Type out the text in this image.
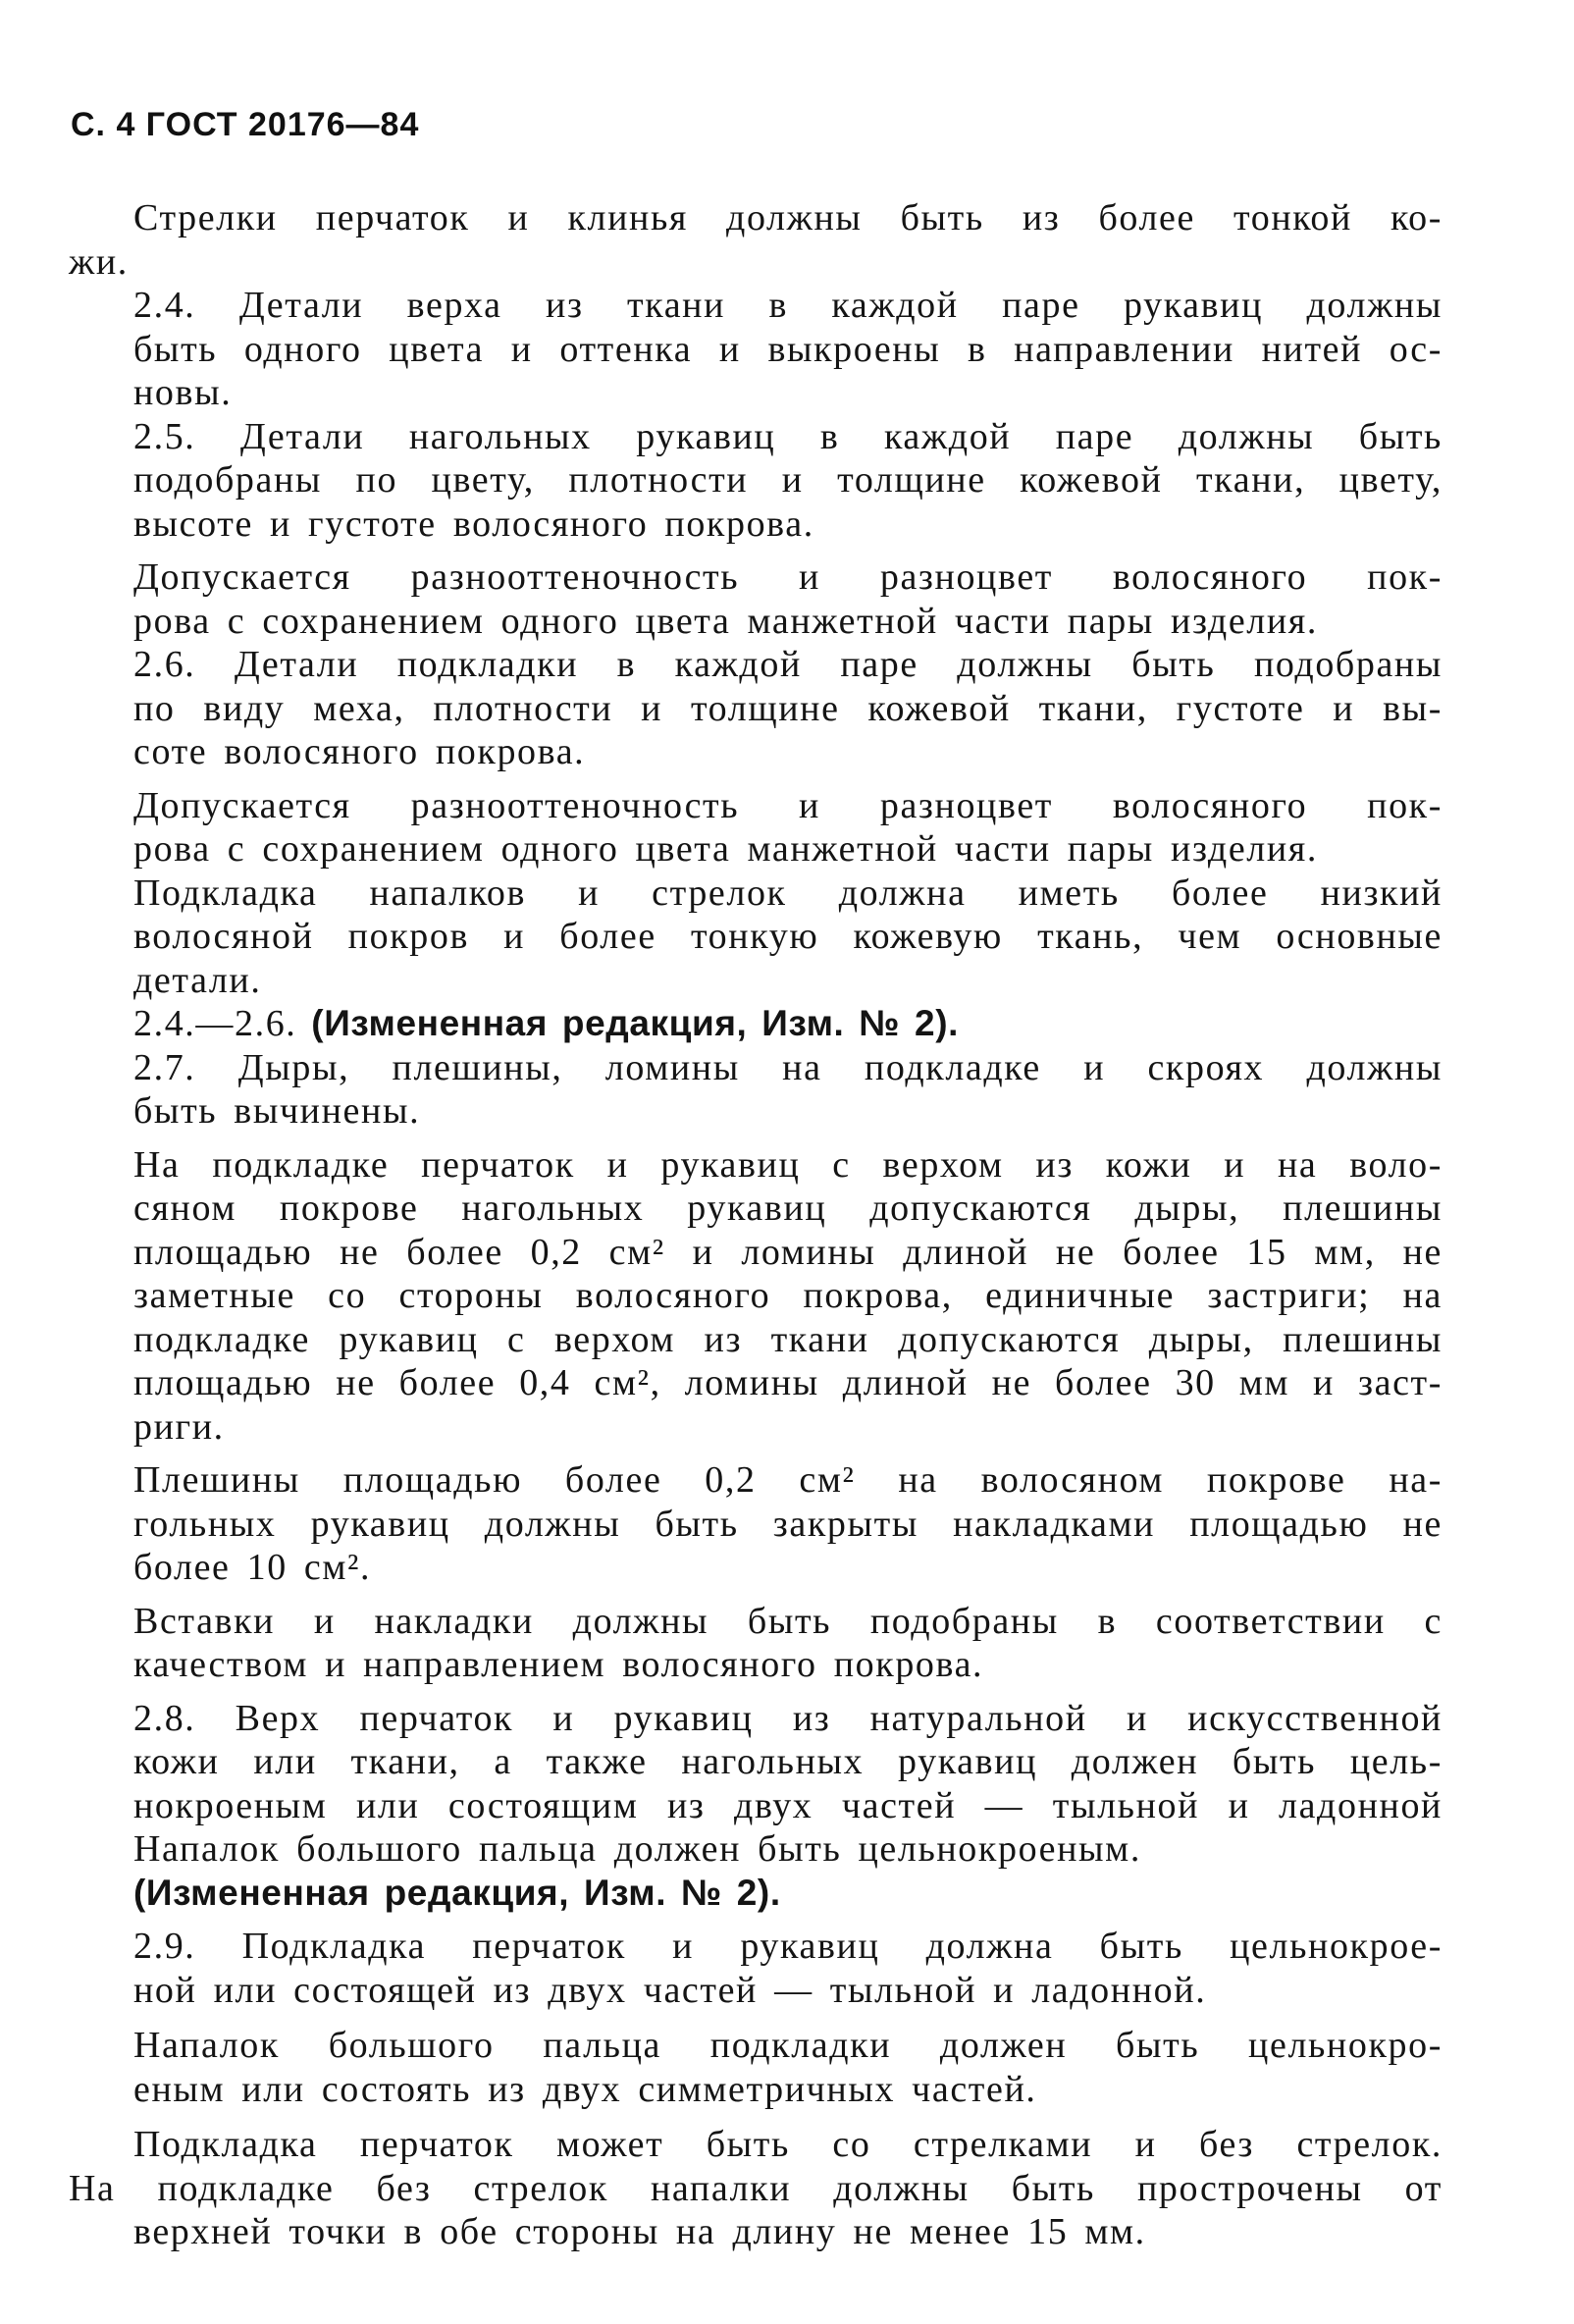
С. 4 ГОСТ 20176—84
Стрелки перчаток и клинья должны быть из более тонкой ко-
жи.
2.4. Детали верха из ткани в каждой паре рукавиц должны
быть одного цвета и оттенка и выкроены в направлении нитей ос-
новы.
2.5. Детали нагольных рукавиц в каждой паре должны быть
подобраны по цвету, плотности и толщине кожевой ткани, цвету,
высоте и густоте волосяного покрова.
Допускается разнооттеночность и разноцвет волосяного пок-
рова с сохранением одного цвета манжетной части пары изделия.
2.6. Детали подкладки в каждой паре должны быть подобраны
по виду меха, плотности и толщине кожевой ткани, густоте и вы-
соте волосяного покрова.
Допускается разнооттеночность и разноцвет волосяного пок-
рова с сохранением одного цвета манжетной части пары изделия.
Подкладка напалков и стрелок должна иметь более низкий
волосяной покров и более тонкую кожевую ткань, чем основные
детали.
2.4.—2.6. (Измененная редакция, Изм. № 2).
2.7. Дыры, плешины, ломины на подкладке и скроях должны
быть вычинены.
На подкладке перчаток и рукавиц с верхом из кожи и на воло-
сяном покрове нагольных рукавиц допускаются дыры, плешины
площадью не более 0,2 см² и ломины длиной не более 15 мм, не
заметные со стороны волосяного покрова, единичные застриги; на
подкладке рукавиц с верхом из ткани допускаются дыры, плешины
площадью не более 0,4 см², ломины длиной не более 30 мм и заст-
риги.
Плешины площадью более 0,2 см² на волосяном покрове на-
гольных рукавиц должны быть закрыты накладками площадью не
более 10 см².
Вставки и накладки должны быть подобраны в соответствии с
качеством и направлением волосяного покрова.
2.8. Верх перчаток и рукавиц из натуральной и искусственной
кожи или ткани, а также нагольных рукавиц должен быть цель-
нокроеным или состоящим из двух частей — тыльной и ладонной
Напалок большого пальца должен быть цельнокроеным.
(Измененная редакция, Изм. № 2).
2.9. Подкладка перчаток и рукавиц должна быть цельнокрое-
ной или состоящей из двух частей — тыльной и ладонной.
Напалок большого пальца подкладки должен быть цельнокро-
еным или состоять из двух симметричных частей.
Подкладка перчаток может быть со стрелками и без стрелок.
На подкладке без стрелок напалки должны быть прострочены от
верхней точки в обе стороны на длину не менее 15 мм.
